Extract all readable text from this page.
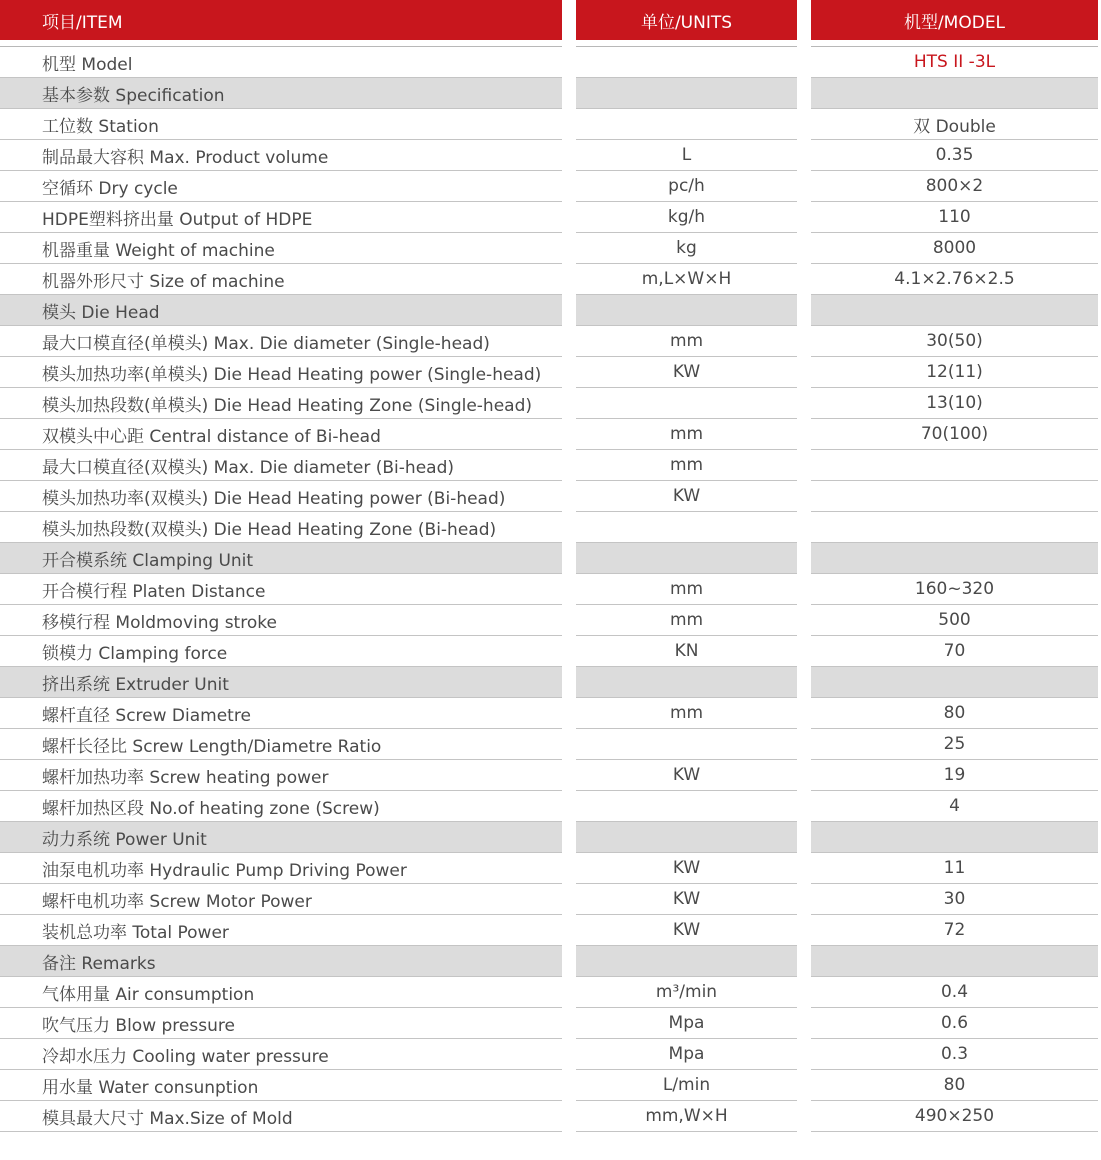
项目/ITEM
机型 Model
基本参数 Specification
工位数 Station
制品最大容积 Max. Product volume
空循环 Dry cycle
HDPE塑料挤出量 Output of HDPE
机器重量 Weight of machine
机器外形尺寸 Size of machine
模头 Die Head
最大口模直径(单模头) Max. Die diameter (Single-head)
模头加热功率(单模头) Die Head Heating power (Single-head)
模头加热段数(单模头) Die Head Heating Zone (Single-head)
双模头中心距 Central distance of Bi-head
最大口模直径(双模头) Max. Die diameter (Bi-head)
模头加热功率(双模头) Die Head Heating power (Bi-head)
模头加热段数(双模头) Die Head Heating Zone (Bi-head)
开合模系统 Clamping Unit
开合模行程 Platen Distance
移模行程 Moldmoving stroke
锁模力 Clamping force
挤出系统 Extruder Unit
螺杆直径 Screw Diametre
螺杆长径比 Screw Length/Diametre Ratio
螺杆加热功率 Screw heating power
螺杆加热区段 No.of heating zone (Screw)
动力系统 Power Unit
油泵电机功率 Hydraulic Pump Driving Power
螺杆电机功率 Screw Motor Power
装机总功率 Total Power
备注 Remarks
气体用量 Air consumption
吹气压力 Blow pressure
冷却水压力 Cooling water pressure
用水量 Water consunption
模具最大尺寸 Max.Size of Mold
单位/UNITS
L
pc/h
kg/h
kg
m,L×W×H
mm
KW
mm
mm
KW
mm
mm
KN
mm
KW
KW
KW
KW
m³/min
Mpa
Mpa
L/min
mm,W×H
机型/MODEL
HTS II -3L
双 Double
0.35
800×2
110
8000
4.1×2.76×2.5
30(50)
12(11)
13(10)
70(100)
160~320
500
70
80
25
19
4
11
30
72
0.4
0.6
0.3
80
490×250
